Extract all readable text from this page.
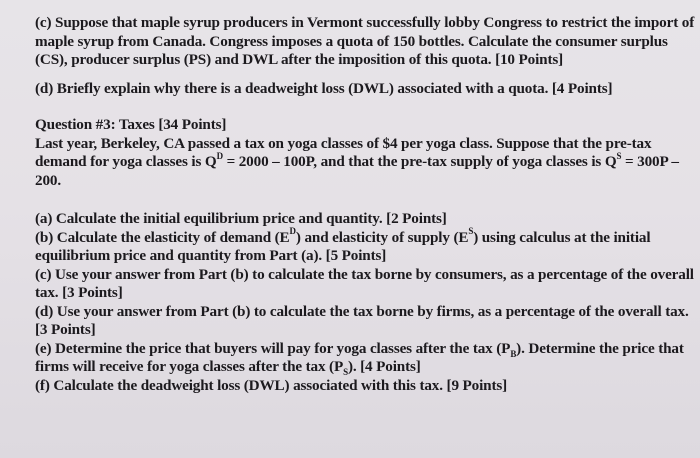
(c) Suppose that maple syrup producers in Vermont successfully lobby Congress to restrict the import of
maple syrup from Canada. Congress imposes a quota of 150 bottles. Calculate the consumer surplus
(CS), producer surplus (PS) and DWL after the imposition of this quota. [10 Points]
(d) Briefly explain why there is a deadweight loss (DWL) associated with a quota. [4 Points]
Question #3: Taxes [34 Points]
Last year, Berkeley, CA passed a tax on yoga classes of $4 per yoga class. Suppose that the pre-tax
demand for yoga classes is $Q^D = 2000 - 100P$, and that the pre-tax supply of yoga classes is $Q^S = 300P$ –
200.
(a) Calculate the initial equilibrium price and quantity. [2 Points]
(b) Calculate the elasticity of demand $(E^D)$ and elasticity of supply $(E^S)$ using calculus at the initial
equilibrium price and quantity from Part (a). [5 Points]
(c) Use your answer from Part (b) to calculate the tax borne by consumers, as a percentage of the overall
tax. [3 Points]
(d) Use your answer from Part (b) to calculate the tax borne by firms, as a percentage of the overall tax.
[3 Points]
(e) Determine the price that buyers will pay for yoga classes after the tax $(P_B)$. Determine the price that
firms will receive for yoga classes after the tax $(P_S)$. [4 Points]
(f) Calculate the deadweight loss (DWL) associated with this tax. [9 Points]
